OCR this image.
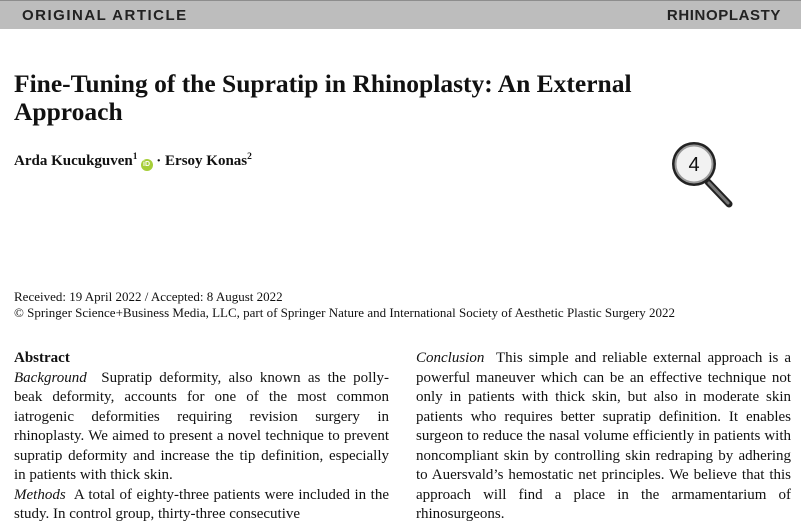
ORIGINAL ARTICLE	RHINOPLASTY
Fine-Tuning of the Supratip in Rhinoplasty: An External Approach
Arda Kucukguven$^1$iD · Ersoy Konas$^2$	4
Received: 19 April 2022 / Accepted: 8 August 2022
© Springer Science+Business Media, LLC, part of Springer Nature and International Society of Aesthetic Plastic Surgery 2022
Abstract
Background Supratip deformity, also known as the polly-beak deformity, accounts for one of the most common iatrogenic deformities requiring revision surgery in rhinoplasty. We aimed to present a novel technique to prevent supratip deformity and increase the tip definition, especially in patients with thick skin.
Methods A total of eighty-three patients were included in the study. In control group, thirty-three consecutive
Conclusion This simple and reliable external approach is a powerful maneuver which can be an effective technique not only in patients with thick skin, but also in moderate skin patients who requires better supratip definition. It enables surgeon to reduce the nasal volume efficiently in patients with noncompliant skin by controlling skin redraping by adhering to Auersvald’s hemostatic net principles. We believe that this approach will find a place in the armamentarium of rhinosurgeons.
